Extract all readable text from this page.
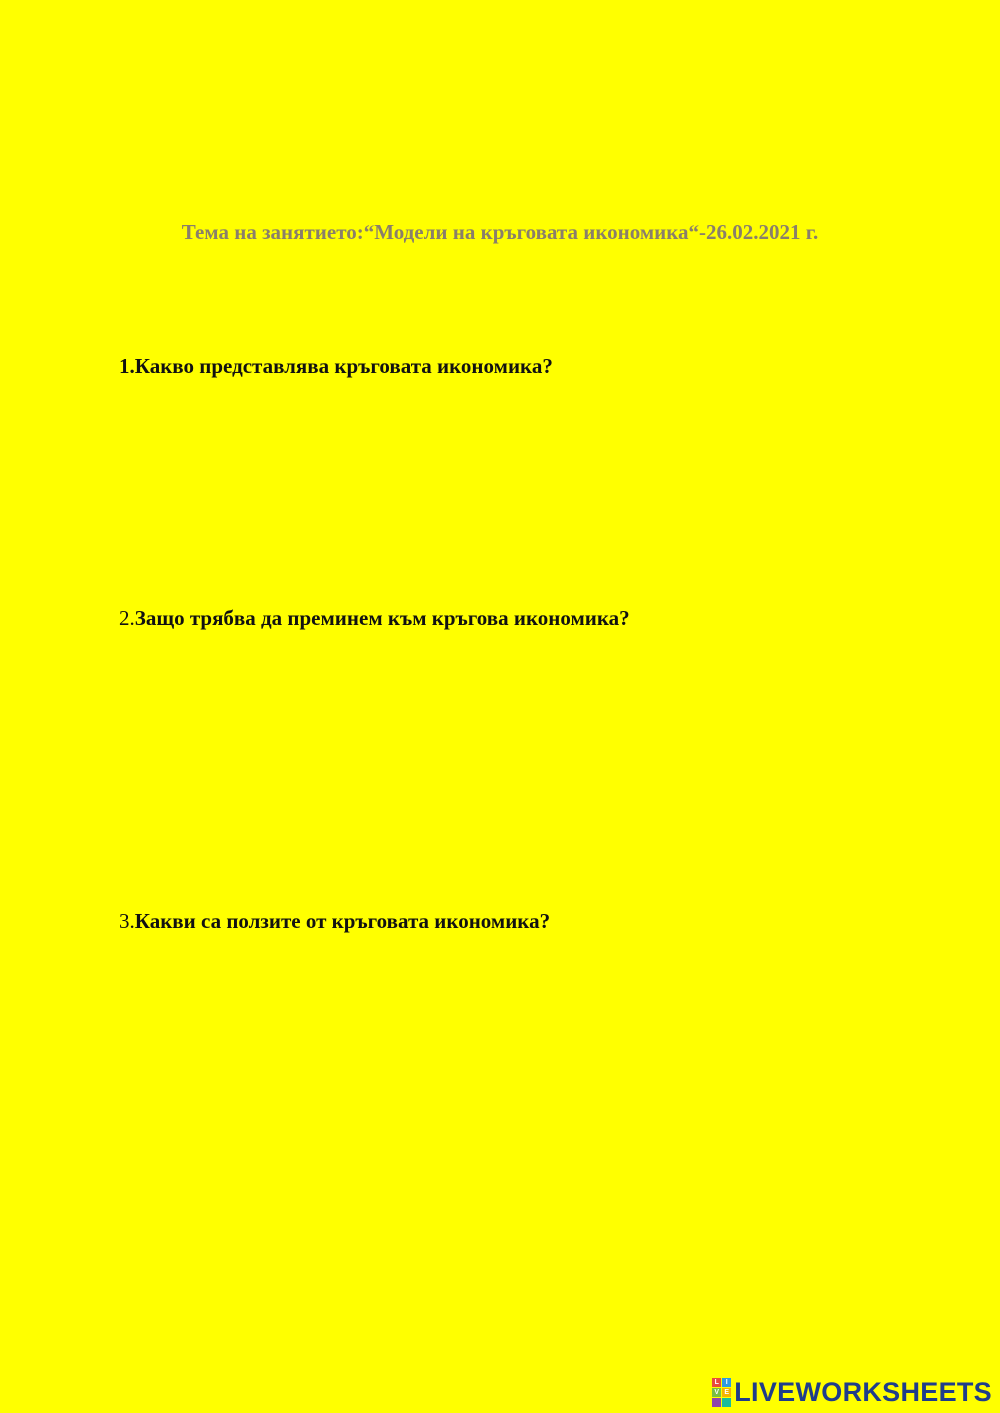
Тема на занятието:“Модели на кръговата икономика“-26.02.2021 г.
1.Какво представлява кръговата икономика?
2.Защо трябва да преминем към кръгова икономика?
3.Какви са ползите от кръговата икономика?
L I
V E LIVEWORKSHEETS
